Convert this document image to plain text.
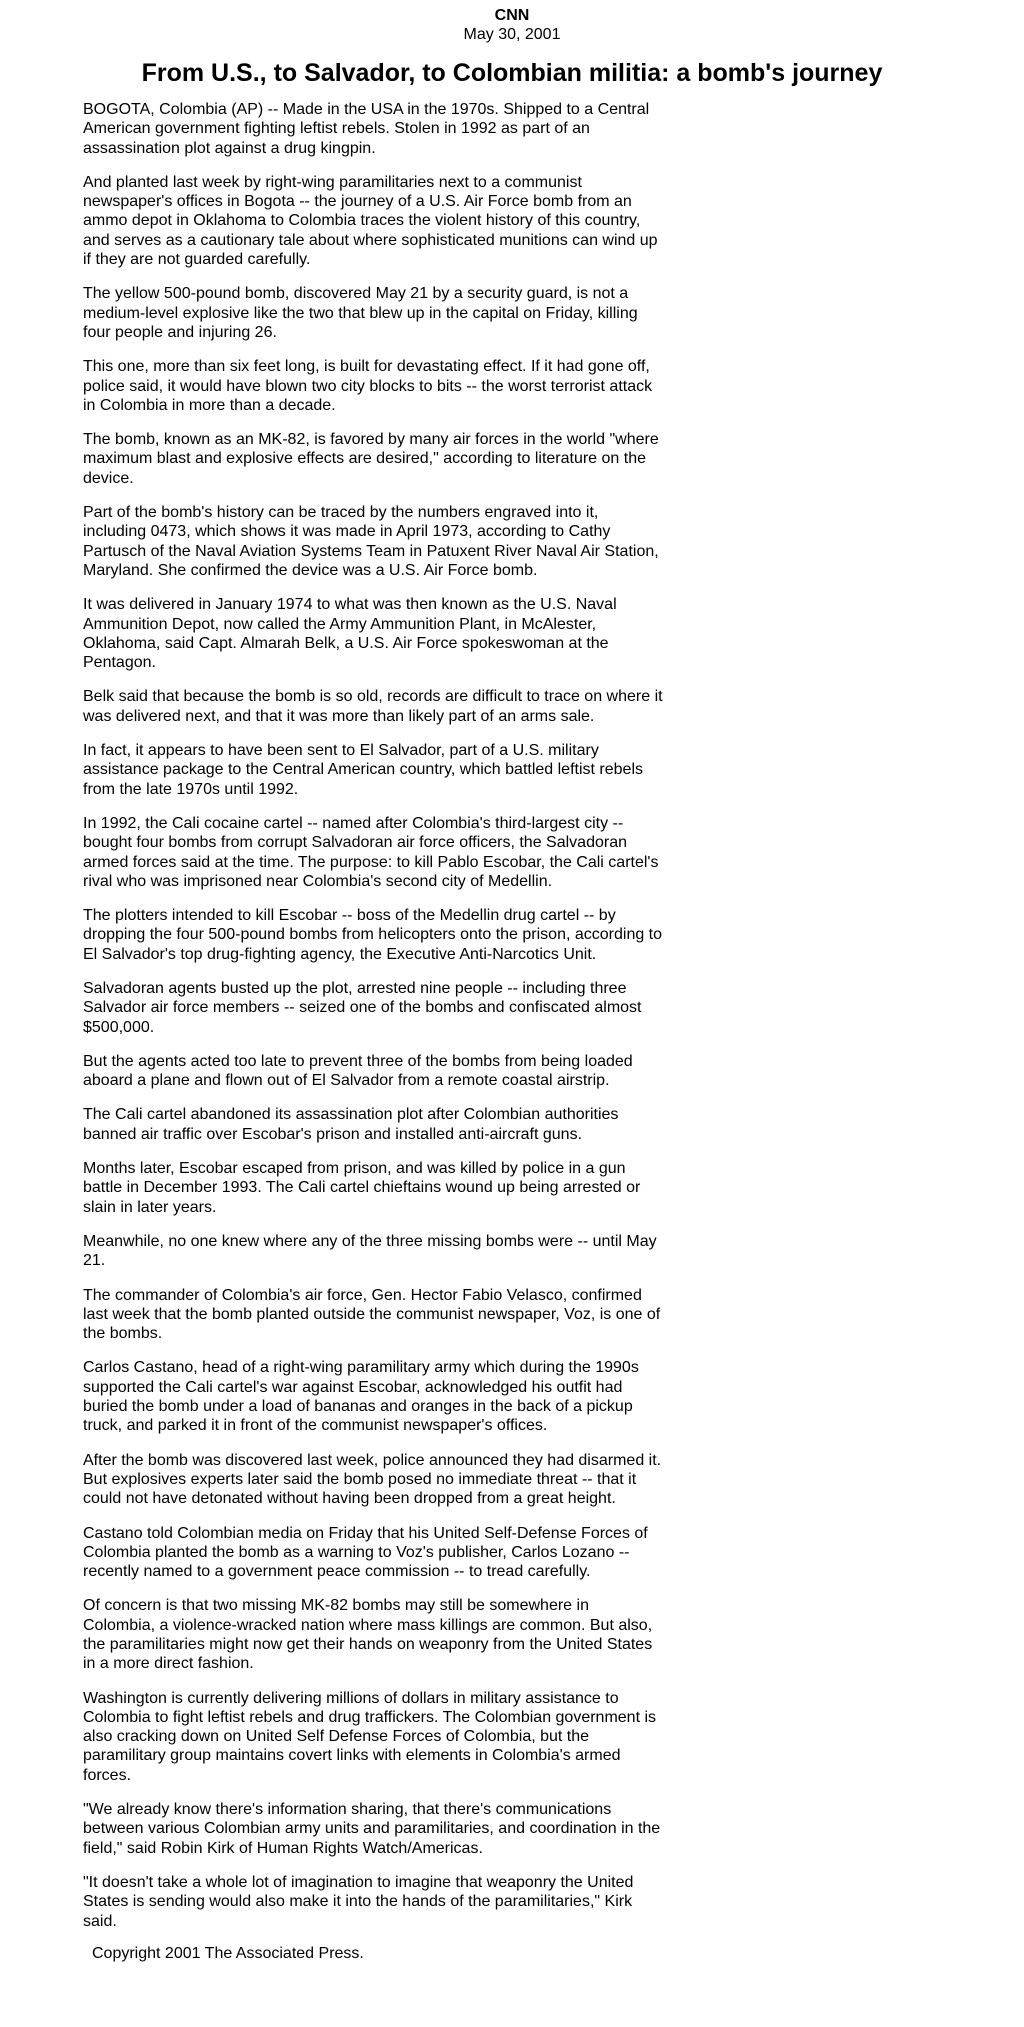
CNN
May 30, 2001
From U.S., to Salvador, to Colombian militia: a bomb's journey

BOGOTA, Colombia (AP) -- Made in the USA in the 1970s. Shipped to a Central American government fighting leftist rebels. Stolen in 1992 as part of an assassination plot against a drug kingpin.

And planted last week by right-wing paramilitaries next to a communist newspaper's offices in Bogota -- the journey of a U.S. Air Force bomb from an ammo depot in Oklahoma to Colombia traces the violent history of this country, and serves as a cautionary tale about where sophisticated munitions can wind up if they are not guarded carefully.

The yellow 500-pound bomb, discovered May 21 by a security guard, is not a medium-level explosive like the two that blew up in the capital on Friday, killing four people and injuring 26.

This one, more than six feet long, is built for devastating effect. If it had gone off, police said, it would have blown two city blocks to bits -- the worst terrorist attack in Colombia in more than a decade.

The bomb, known as an MK-82, is favored by many air forces in the world "where maximum blast and explosive effects are desired," according to literature on the device.

Part of the bomb's history can be traced by the numbers engraved into it, including 0473, which shows it was made in April 1973, according to Cathy Partusch of the Naval Aviation Systems Team in Patuxent River Naval Air Station, Maryland. She confirmed the device was a U.S. Air Force bomb.

It was delivered in January 1974 to what was then known as the U.S. Naval Ammunition Depot, now called the Army Ammunition Plant, in McAlester, Oklahoma, said Capt. Almarah Belk, a U.S. Air Force spokeswoman at the Pentagon.

Belk said that because the bomb is so old, records are difficult to trace on where it was delivered next, and that it was more than likely part of an arms sale.

In fact, it appears to have been sent to El Salvador, part of a U.S. military assistance package to the Central American country, which battled leftist rebels from the late 1970s until 1992.

In 1992, the Cali cocaine cartel -- named after Colombia's third-largest city -- bought four bombs from corrupt Salvadoran air force officers, the Salvadoran armed forces said at the time. The purpose: to kill Pablo Escobar, the Cali cartel's rival who was imprisoned near Colombia's second city of Medellin.

The plotters intended to kill Escobar -- boss of the Medellin drug cartel -- by dropping the four 500-pound bombs from helicopters onto the prison, according to El Salvador's top drug-fighting agency, the Executive Anti-Narcotics Unit.

Salvadoran agents busted up the plot, arrested nine people -- including three Salvador air force members -- seized one of the bombs and confiscated almost $500,000.

But the agents acted too late to prevent three of the bombs from being loaded aboard a plane and flown out of El Salvador from a remote coastal airstrip.

The Cali cartel abandoned its assassination plot after Colombian authorities banned air traffic over Escobar's prison and installed anti-aircraft guns.

Months later, Escobar escaped from prison, and was killed by police in a gun battle in December 1993. The Cali cartel chieftains wound up being arrested or slain in later years.

Meanwhile, no one knew where any of the three missing bombs were -- until May 21.

The commander of Colombia's air force, Gen. Hector Fabio Velasco, confirmed last week that the bomb planted outside the communist newspaper, Voz, is one of the bombs.

Carlos Castano, head of a right-wing paramilitary army which during the 1990s supported the Cali cartel's war against Escobar, acknowledged his outfit had buried the bomb under a load of bananas and oranges in the back of a pickup truck, and parked it in front of the communist newspaper's offices.

After the bomb was discovered last week, police announced they had disarmed it. But explosives experts later said the bomb posed no immediate threat -- that it could not have detonated without having been dropped from a great height.

Castano told Colombian media on Friday that his United Self-Defense Forces of Colombia planted the bomb as a warning to Voz's publisher, Carlos Lozano -- recently named to a government peace commission -- to tread carefully.

Of concern is that two missing MK-82 bombs may still be somewhere in Colombia, a violence-wracked nation where mass killings are common. But also, the paramilitaries might now get their hands on weaponry from the United States in a more direct fashion.

Washington is currently delivering millions of dollars in military assistance to Colombia to fight leftist rebels and drug traffickers. The Colombian government is also cracking down on United Self Defense Forces of Colombia, but the paramilitary group maintains covert links with elements in Colombia's armed forces.

"We already know there's information sharing, that there's communications between various Colombian army units and paramilitaries, and coordination in the field," said Robin Kirk of Human Rights Watch/Americas.

"It doesn't take a whole lot of imagination to imagine that weaponry the United States is sending would also make it into the hands of the paramilitaries," Kirk said.

Copyright 2001 The Associated Press.
